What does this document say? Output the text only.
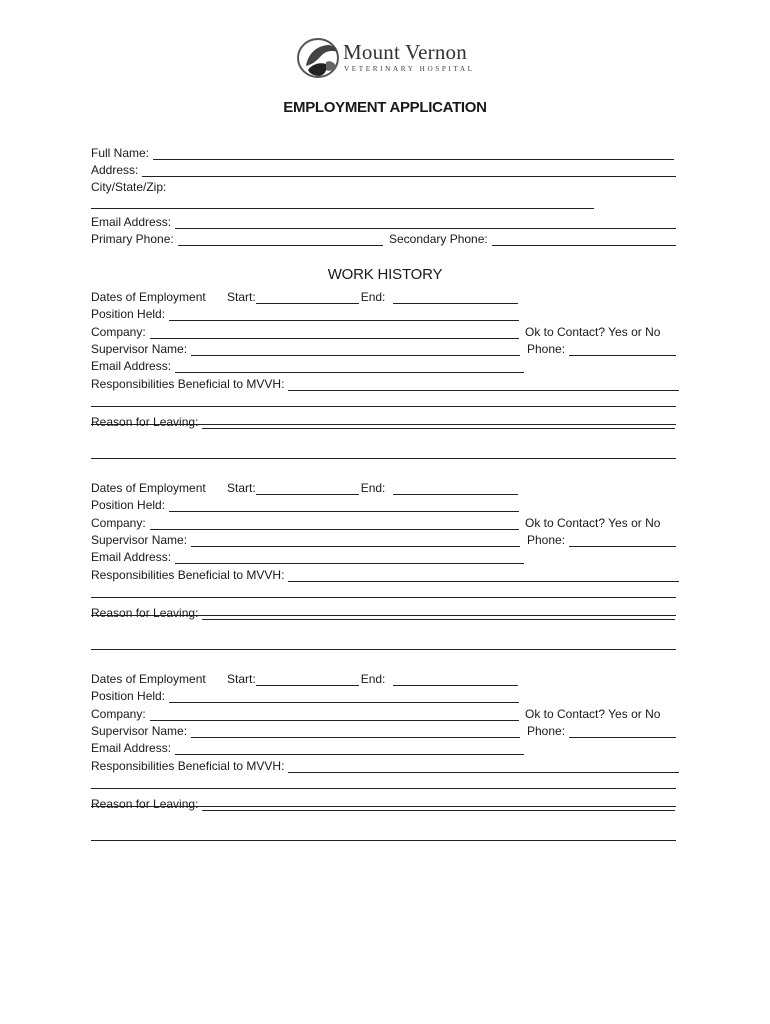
Mount Vernon
VETERINARY HOSPITAL
EMPLOYMENT APPLICATION
Full Name:
Address:
City/State/Zip:
Email Address:
Primary Phone:	Secondary Phone:
WORK HISTORY
Dates of Employment	Start:	End:
Position Held:
Company:	Ok to Contact? Yes or No
Supervisor Name:	Phone:
Email Address:
Responsibilities Beneficial to MVVH:
Reason for Leaving:
Dates of Employment	Start:	End:
Position Held:
Company:	Ok to Contact? Yes or No
Supervisor Name:	Phone:
Email Address:
Responsibilities Beneficial to MVVH:
Reason for Leaving:
Dates of Employment	Start:	End:
Position Held:
Company:	Ok to Contact? Yes or No
Supervisor Name:	Phone:
Email Address:
Responsibilities Beneficial to MVVH:
Reason for Leaving:
